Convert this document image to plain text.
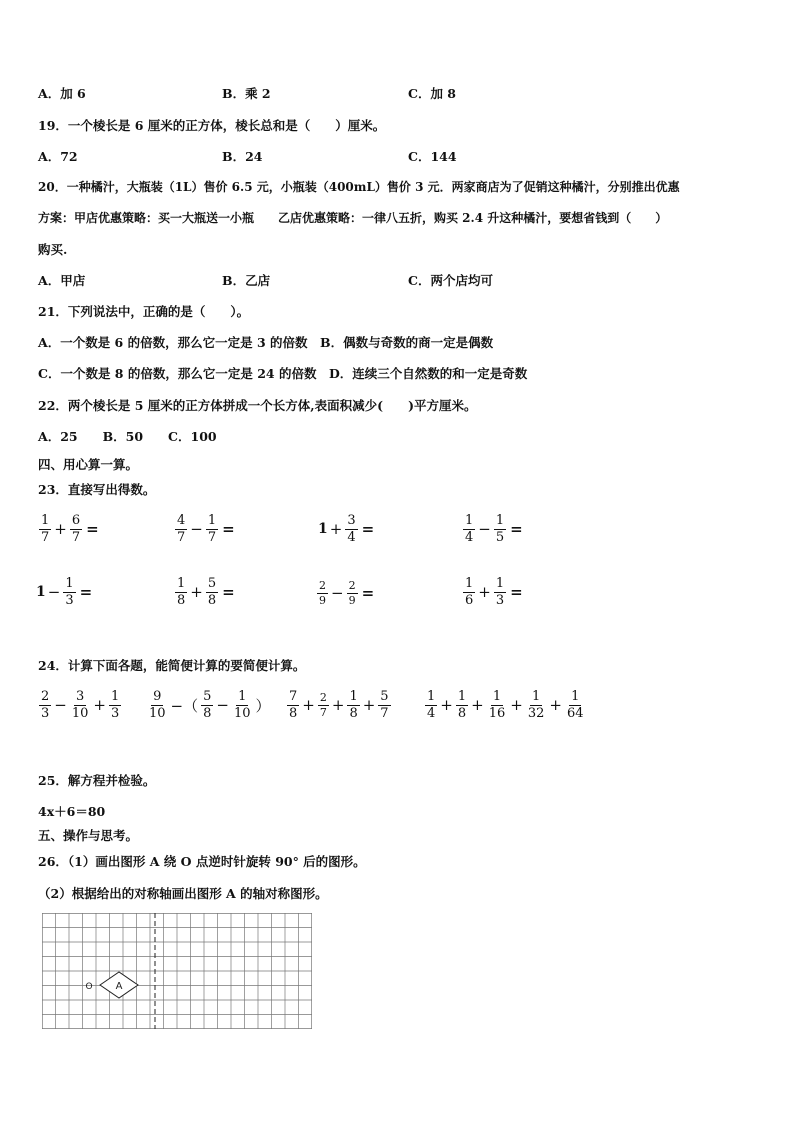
A．加 6	B．乘 2	C．加 8
19．一个棱长是 6 厘米的正方体，棱长总和是（　　）厘米。
A．72	B．24	C．144
20．一种橘汁，大瓶装（1L）售价 6.5 元，小瓶装（400mL）售价 3 元．两家商店为了促销这种橘汁，分别推出优惠
方案：甲店优惠策略：买一大瓶送一小瓶　　乙店优惠策略：一律八五折，购买 2.4 升这种橘汁，要想省钱到（　　）
购买.
A．甲店	B．乙店	C．两个店均可
21．下列说法中，正确的是（　　）。
A．一个数是 6 的倍数，那么它一定是 3 的倍数　B．偶数与奇数的商一定是偶数
C．一个数是 8 的倍数，那么它一定是 24 的倍数　D．连续三个自然数的和一定是奇数
22．两个棱长是 5 厘米的正方体拼成一个长方体,表面积减少(　　)平方厘米。
A．25　　B．50　　C．100
四、用心算一算。
23．直接写出得数。
$\frac{1}{7} + \frac{6}{7}$ =	$\frac{4}{7} - \frac{1}{7}$ =	$1 + \frac{3}{4}$ =	$\frac{1}{4} - \frac{1}{5}$ =
$1 - \frac{1}{3}$ =	$\frac{1}{8} + \frac{5}{8}$ =	$\frac{2}{9} - \frac{2}{9}$ =	$\frac{1}{6} + \frac{1}{3}$ =
24．计算下面各题，能简便计算的要简便计算。
$\frac{2}{3} - \frac{3}{10} + \frac{1}{3} \frac{9}{10}$ −（ $\frac{5}{8} - \frac{1}{10}$ ） $\frac{7}{8} + \frac{2}{7} + \frac{1}{8} + \frac{5}{7}$	$\frac{1}{4} + \frac{1}{8} + \frac{1}{16} + \frac{1}{32} + \frac{1}{64}$
25．解方程并检验。
4x＋6＝80
五、操作与思考。
26．（1）画出图形 A 绕 O 点逆时针旋转 90° 后的图形。
（2）根据给出的对称轴画出图形 A 的轴对称图形。
A
O
